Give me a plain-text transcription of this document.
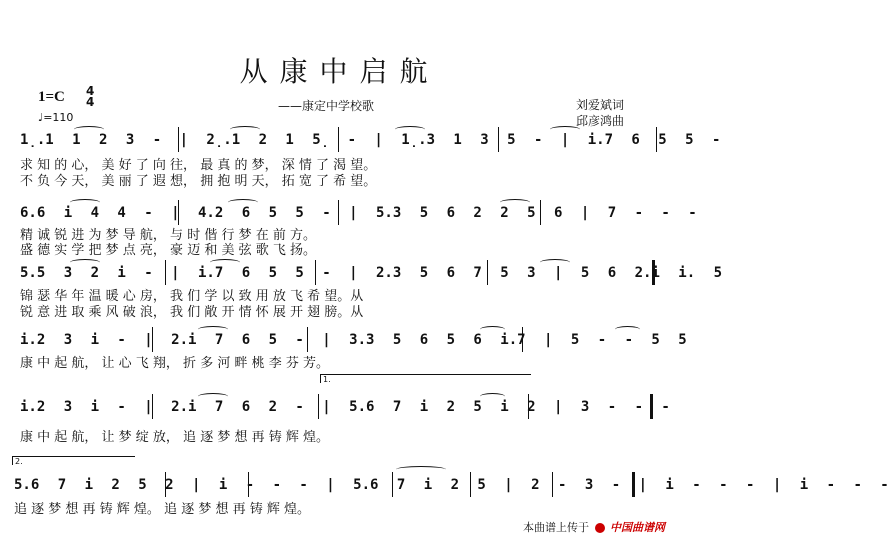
从康中启航
——康定中学校歌
1=C 4
4
♩=110
刘爱斌词
邱彦鸿曲
1̣.1 1 2 3 - | 2̣.1 2 1 5̣ - | 1̣.3 1 3 5 - | i.7 6 5 5 -
求 知 的 心， 美 好 了 向 往， 最 真 的 梦， 深 情 了 渴 望。
不 负 今 天， 美 丽 了 遐 想， 拥 抱 明 天， 拓 宽 了 希 望。
6.6 i 4 4 - | 4.2 6 5 5 - | 5.3 5 6 2 2 5 6 | 7 - - -
精 诚 锐 进 为 梦 导 航， 与 时 偕 行 梦 在 前 方。
盛 德 实 学 把 梦 点 亮， 豪 迈 和 美 弦 歌 飞 扬。
5.5 3 2 i - | i.7 6 5 5 - | 2.3 5 6 7 5 3 | 5 6 2.i i. 5
锦 瑟 华 年 温 暖 心 房， 我 们 学 以 致 用 放 飞 希 望。从
锐 意 进 取 乘 风 破 浪， 我 们 敞 开 情 怀 展 开 翅 膀。从
i.2 3 i - | 2.i 7 6 5 - | 3.3 5 6 5 6 i.7 | 5 - - 5 5
康 中 起 航， 让 心 飞 翔， 折 多 河 畔 桃 李 芬 芳。
1.
i.2 3 i - | 2.i 7 6 2 - | 5.6 7 i 2 5 i 2 | 3 - - -
康 中 起 航， 让 梦 绽 放， 追 逐 梦 想 再 铸 辉 煌。
2.
5.6 7 i 2 5 2 | i - - - | 5.6 7 i 2 5 | 2 - 3 - | i - - - | i - - -
追 逐 梦 想 再 铸 辉 煌。 追 逐 梦 想 再 铸 辉 煌。
本曲谱上传于 中国曲谱网
